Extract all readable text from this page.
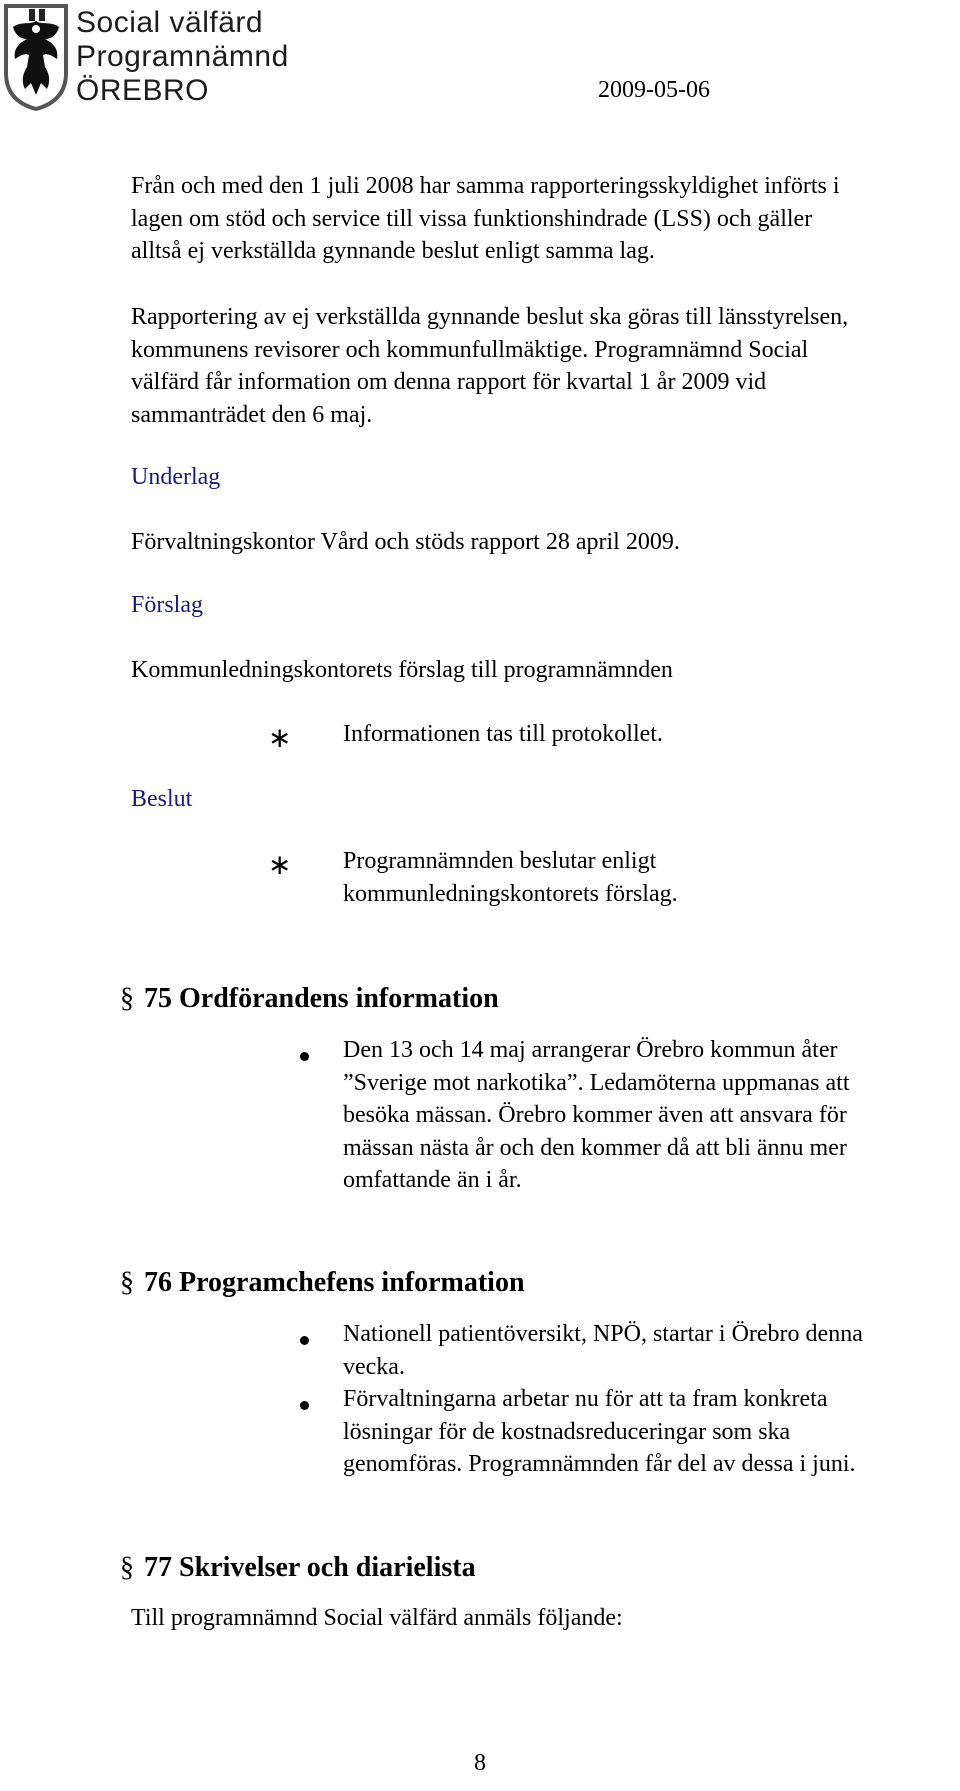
Social välfärd
Programnämnd
ÖREBRO	2009-05-06
Från och med den 1 juli 2008 har samma rapporteringsskyldighet införts i
lagen om stöd och service till vissa funktionshindrade (LSS) och gäller
alltså ej verkställda gynnande beslut enligt samma lag.
Rapportering av ej verkställda gynnande beslut ska göras till länsstyrelsen,
kommunens revisorer och kommunfullmäktige. Programnämnd Social
välfärd får information om denna rapport för kvartal 1 år 2009 vid
sammanträdet den 6 maj.
Underlag
Förvaltningskontor Vård och stöds rapport 28 april 2009.
Förslag
Kommunledningskontorets förslag till programnämnden
Beslut
∗ Informationen tas till protokollet.
∗ Programnämnden beslutar enligt
kommunledningskontorets förslag.
§ 75 Ordförandens information
Den 13 och 14 maj arrangerar Örebro kommun åter
”Sverige mot narkotika”. Ledamöterna uppmanas att
besöka mässan. Örebro kommer även att ansvara för
mässan nästa år och den kommer då att bli ännu mer
omfattande än i år.
§ 76 Programchefens information
Nationell patientöversikt, NPÖ, startar i Örebro denna
vecka.
Förvaltningarna arbetar nu för att ta fram konkreta
lösningar för de kostnadsreduceringar som ska
genomföras. Programnämnden får del av dessa i juni.
§ 77 Skrivelser och diarielista
Till programnämnd Social välfärd anmäls följande:
8
